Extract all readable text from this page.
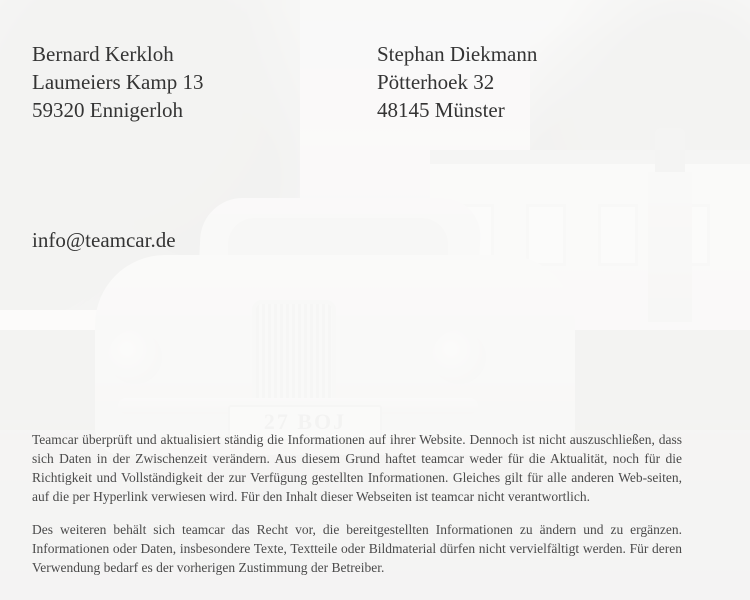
Bernard Kerkloh
Laumeiers Kamp 13
59320 Ennigerloh
Stephan Diekmann
Pötterhoek 32
48145 Münster
info@teamcar.de

Teamcar überprüft und aktualisiert ständig die Informationen auf ihrer Website. Dennoch ist nicht auszuschließen, dass sich Daten in der Zwischenzeit verändern. Aus diesem Grund haftet teamcar weder für die Aktualität, noch für die Richtigkeit und Vollständigkeit der zur Verfügung gestellten Informationen. Gleiches gilt für alle anderen Web-seiten, auf die per Hyperlink verwiesen wird. Für den Inhalt dieser Webseiten ist teamcar nicht verantwortlich.

Des weiteren behält sich teamcar das Recht vor, die bereitgestellten Informationen zu ändern und zu ergänzen. Informationen oder Daten, insbesondere Texte, Textteile oder Bildmaterial dürfen nicht vervielfältigt werden. Für deren Verwendung bedarf es der vorherigen Zustimmung der Betreiber.
